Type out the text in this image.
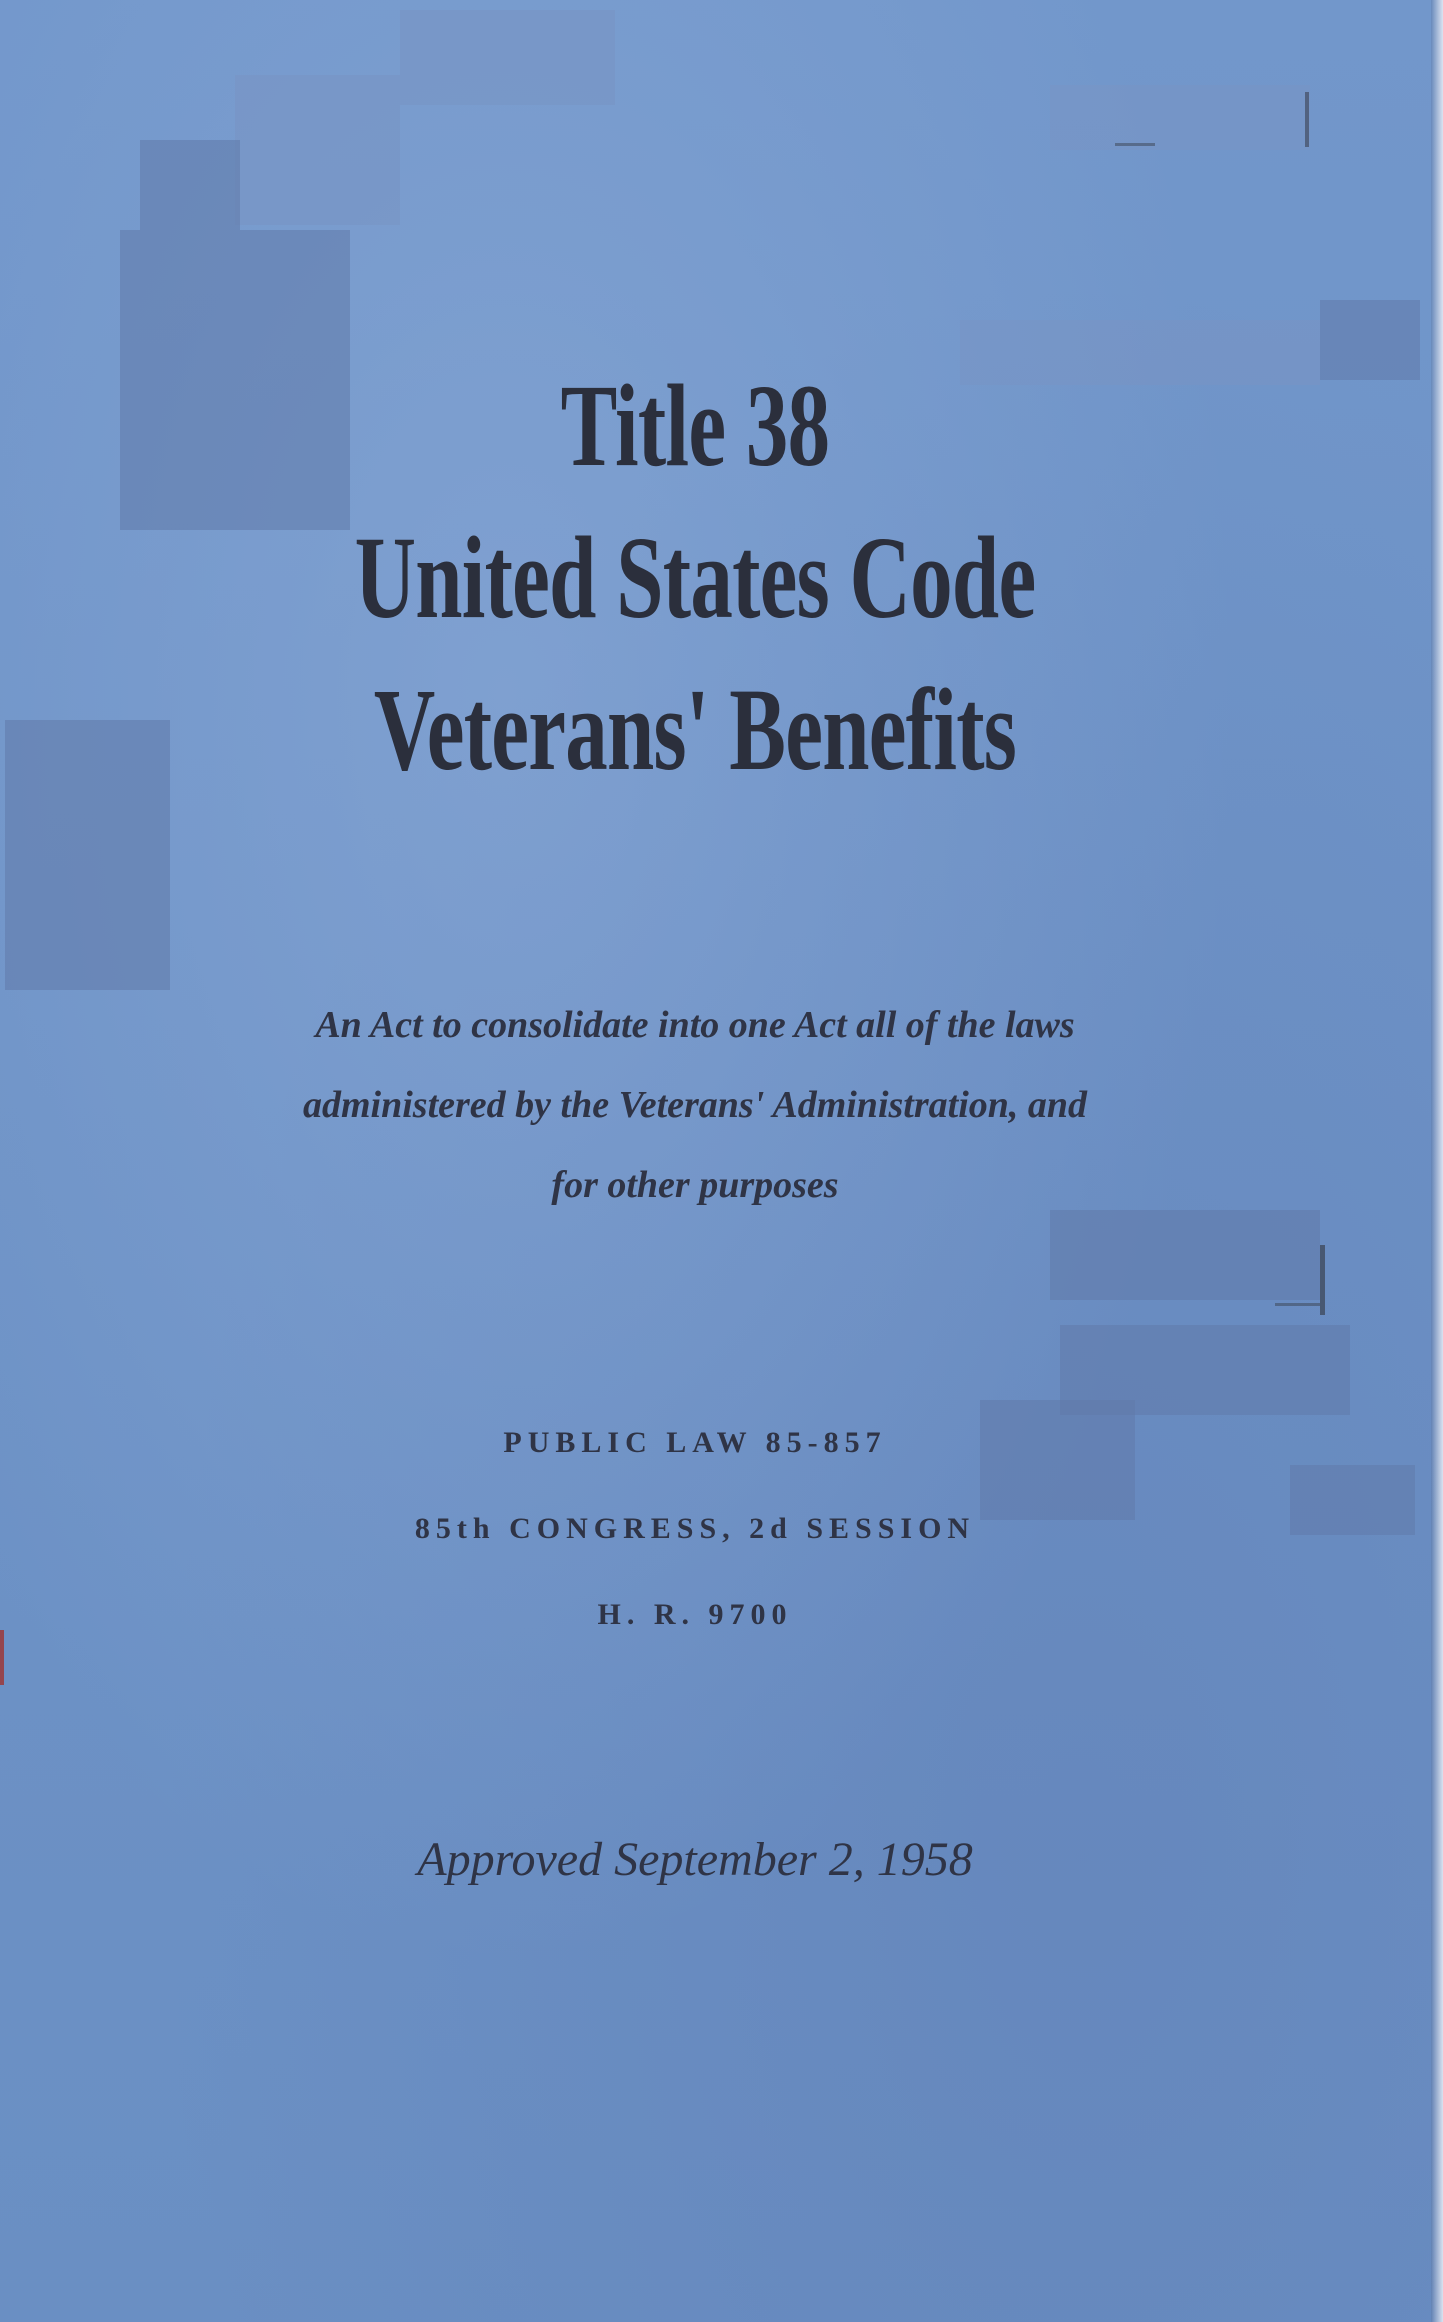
Title 38
United States Code
Veterans' Benefits
An Act to consolidate into one Act all of the laws
administered by the Veterans' Administration, and
for other purposes
PUBLIC LAW 85-857
85th CONGRESS, 2d SESSION
H. R. 9700
Approved September 2, 1958
